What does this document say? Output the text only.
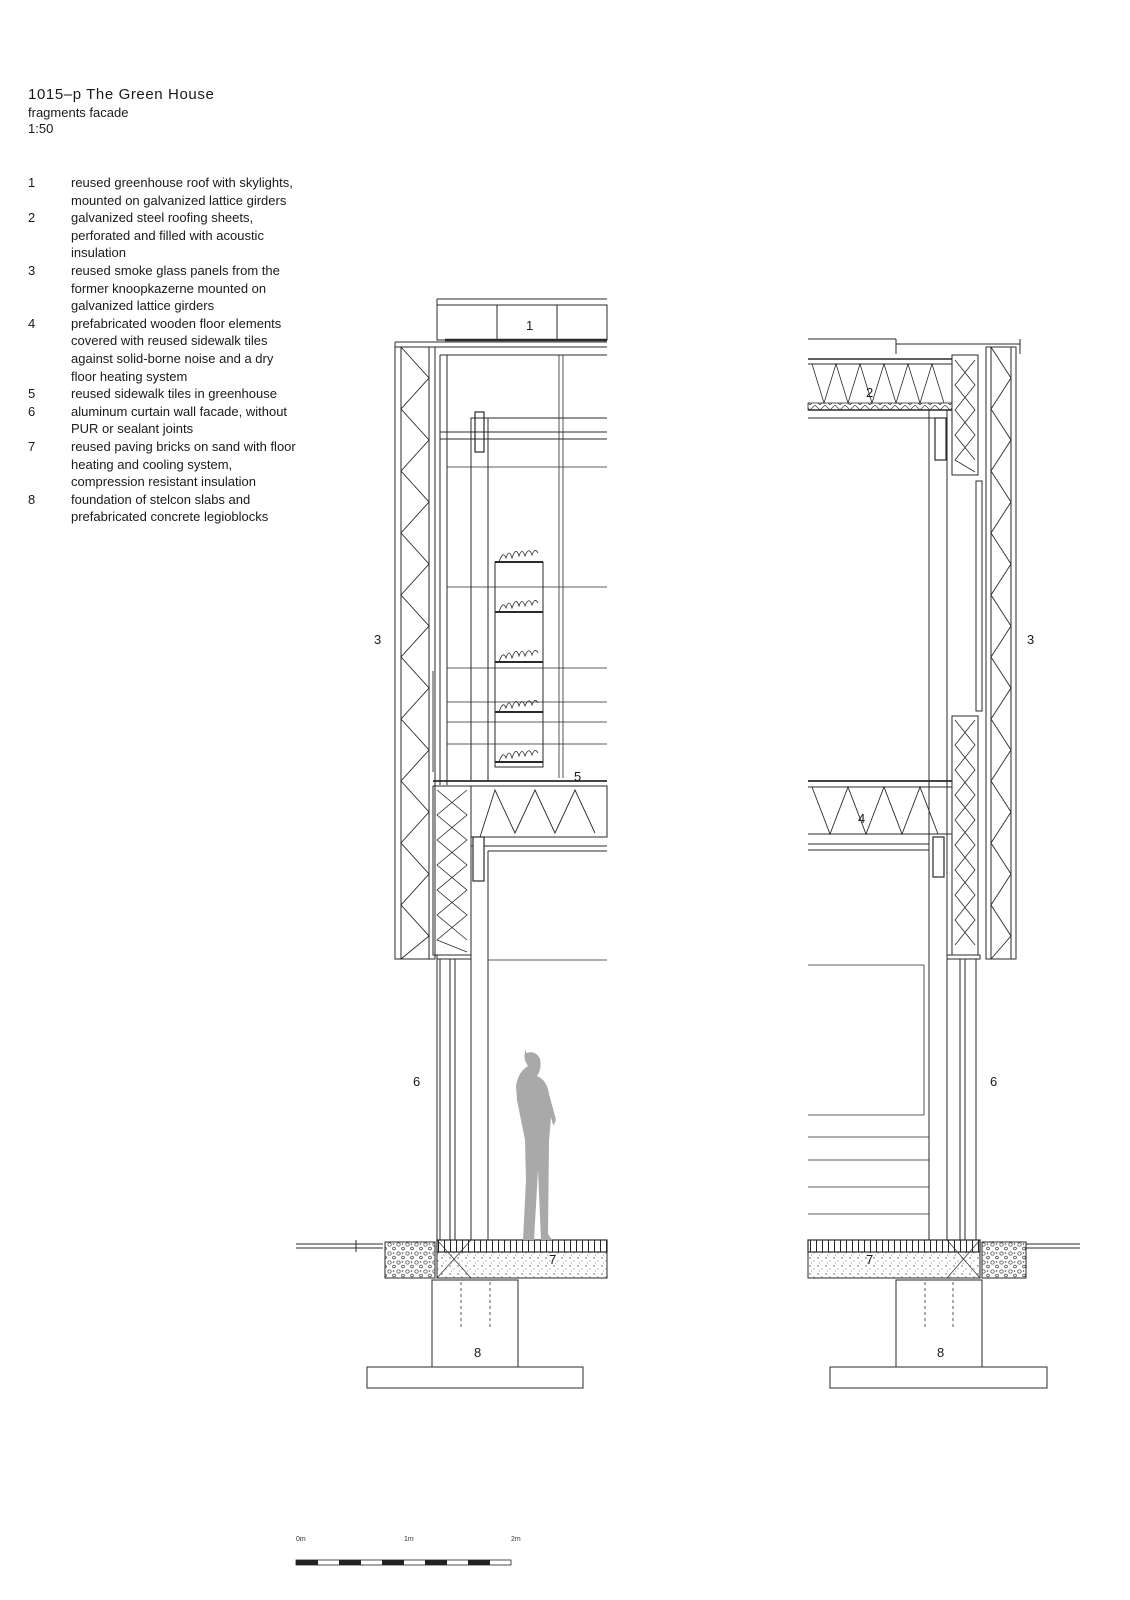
1015–p The Green House
fragments facade
1:50
1	reused greenhouse roof with skylights, mounted on galvanized lattice girders
2	galvanized steel roofing sheets, perforated and filled with acoustic insulation
3	reused smoke glass panels from the former knoopkazerne mounted on galvanized lattice girders
4	prefabricated wooden floor elements covered with reused sidewalk tiles against solid-borne noise and a dry floor heating system
5	reused sidewalk tiles in greenhouse
6	aluminum curtain wall facade, without PUR or sealant joints
7	reused paving bricks on sand with floor heating and cooling system, compression resistant insulation
8	foundation of stelcon slabs and prefabricated concrete legioblocks
1
3
5
6
7
8
2
3
4
6
7
8
0m	1m	2m
